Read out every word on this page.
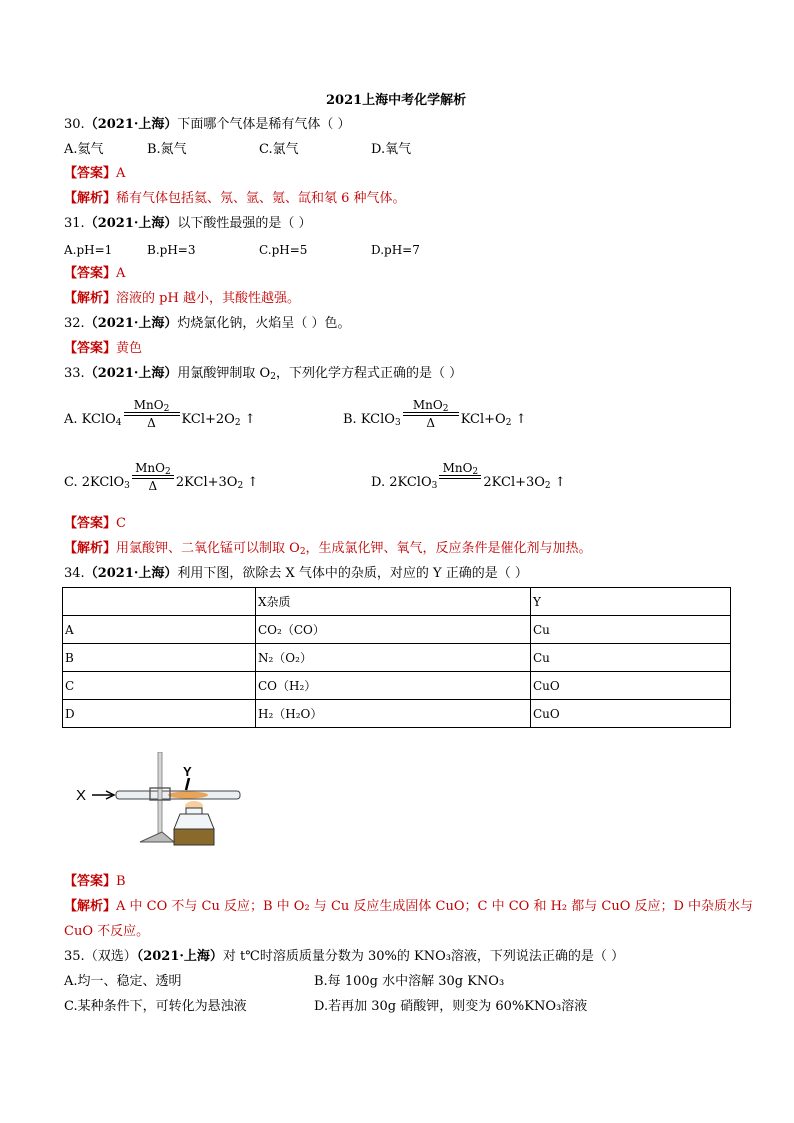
2021上海中考化学解析
30.（2021·上海）下面哪个气体是稀有气体（ ）
A.氦气	B.氮气	C.氯气	D.氧气
【答案】A
【解析】稀有气体包括氦、氖、氩、氪、氙和氡 6 种气体。
31.（2021·上海）以下酸性最强的是（ ）
A.pH=1	B.pH=3	C.pH=5	D.pH=7
【答案】A
【解析】溶液的 pH 越小，其酸性越强。
32.（2021·上海）灼烧氯化钠，火焰呈（ ）色。
【答案】黄色
33.（2021·上海）用氯酸钾制取 $O_2$，下列化学方程式正确的是（ ）
A. KClO$_4$ $\frac{MnO_2}{\Delta} KCl+2O_2$ ↑	B. KClO$_3$ $\frac{MnO_2}{\Delta} KCl+O_2$ ↑
C. 2KClO$_3$ $\frac{MnO_2}{\Delta} 2KCl+3O_2$ ↑	D. 2KClO$_3$
MnO$_2$
$2KCl+3O_2$ ↑
【答案】C
【解析】用氯酸钾、二氧化锰可以制取 $O_2$，生成氯化钾、氧气，反应条件是催化剂与加热。
34.（2021·上海）利用下图，欲除去 X 气体中的杂质，对应的 Y 正确的是（ ）
	X杂质	Y
A	CO₂（CO）	Cu
B	N₂（O₂）	Cu
C	CO（H₂）	CuO
D	H₂（H₂O）	CuO
X
Y
【答案】B
【解析】A 中 CO 不与 Cu 反应；B 中 O₂ 与 Cu 反应生成固体 CuO；C 中 CO 和 H₂ 都与 CuO 反应；D 中杂质水与
CuO 不反应。
35.（双选）（2021·上海）对 t℃时溶质质量分数为 30%的 KNO₃溶液，下列说法正确的是（ ）
A.均一、稳定、透明	B.每 100g 水中溶解 30g KNO₃
C.某种条件下，可转化为悬浊液	D.若再加 30g 硝酸钾，则变为 60%KNO₃溶液
